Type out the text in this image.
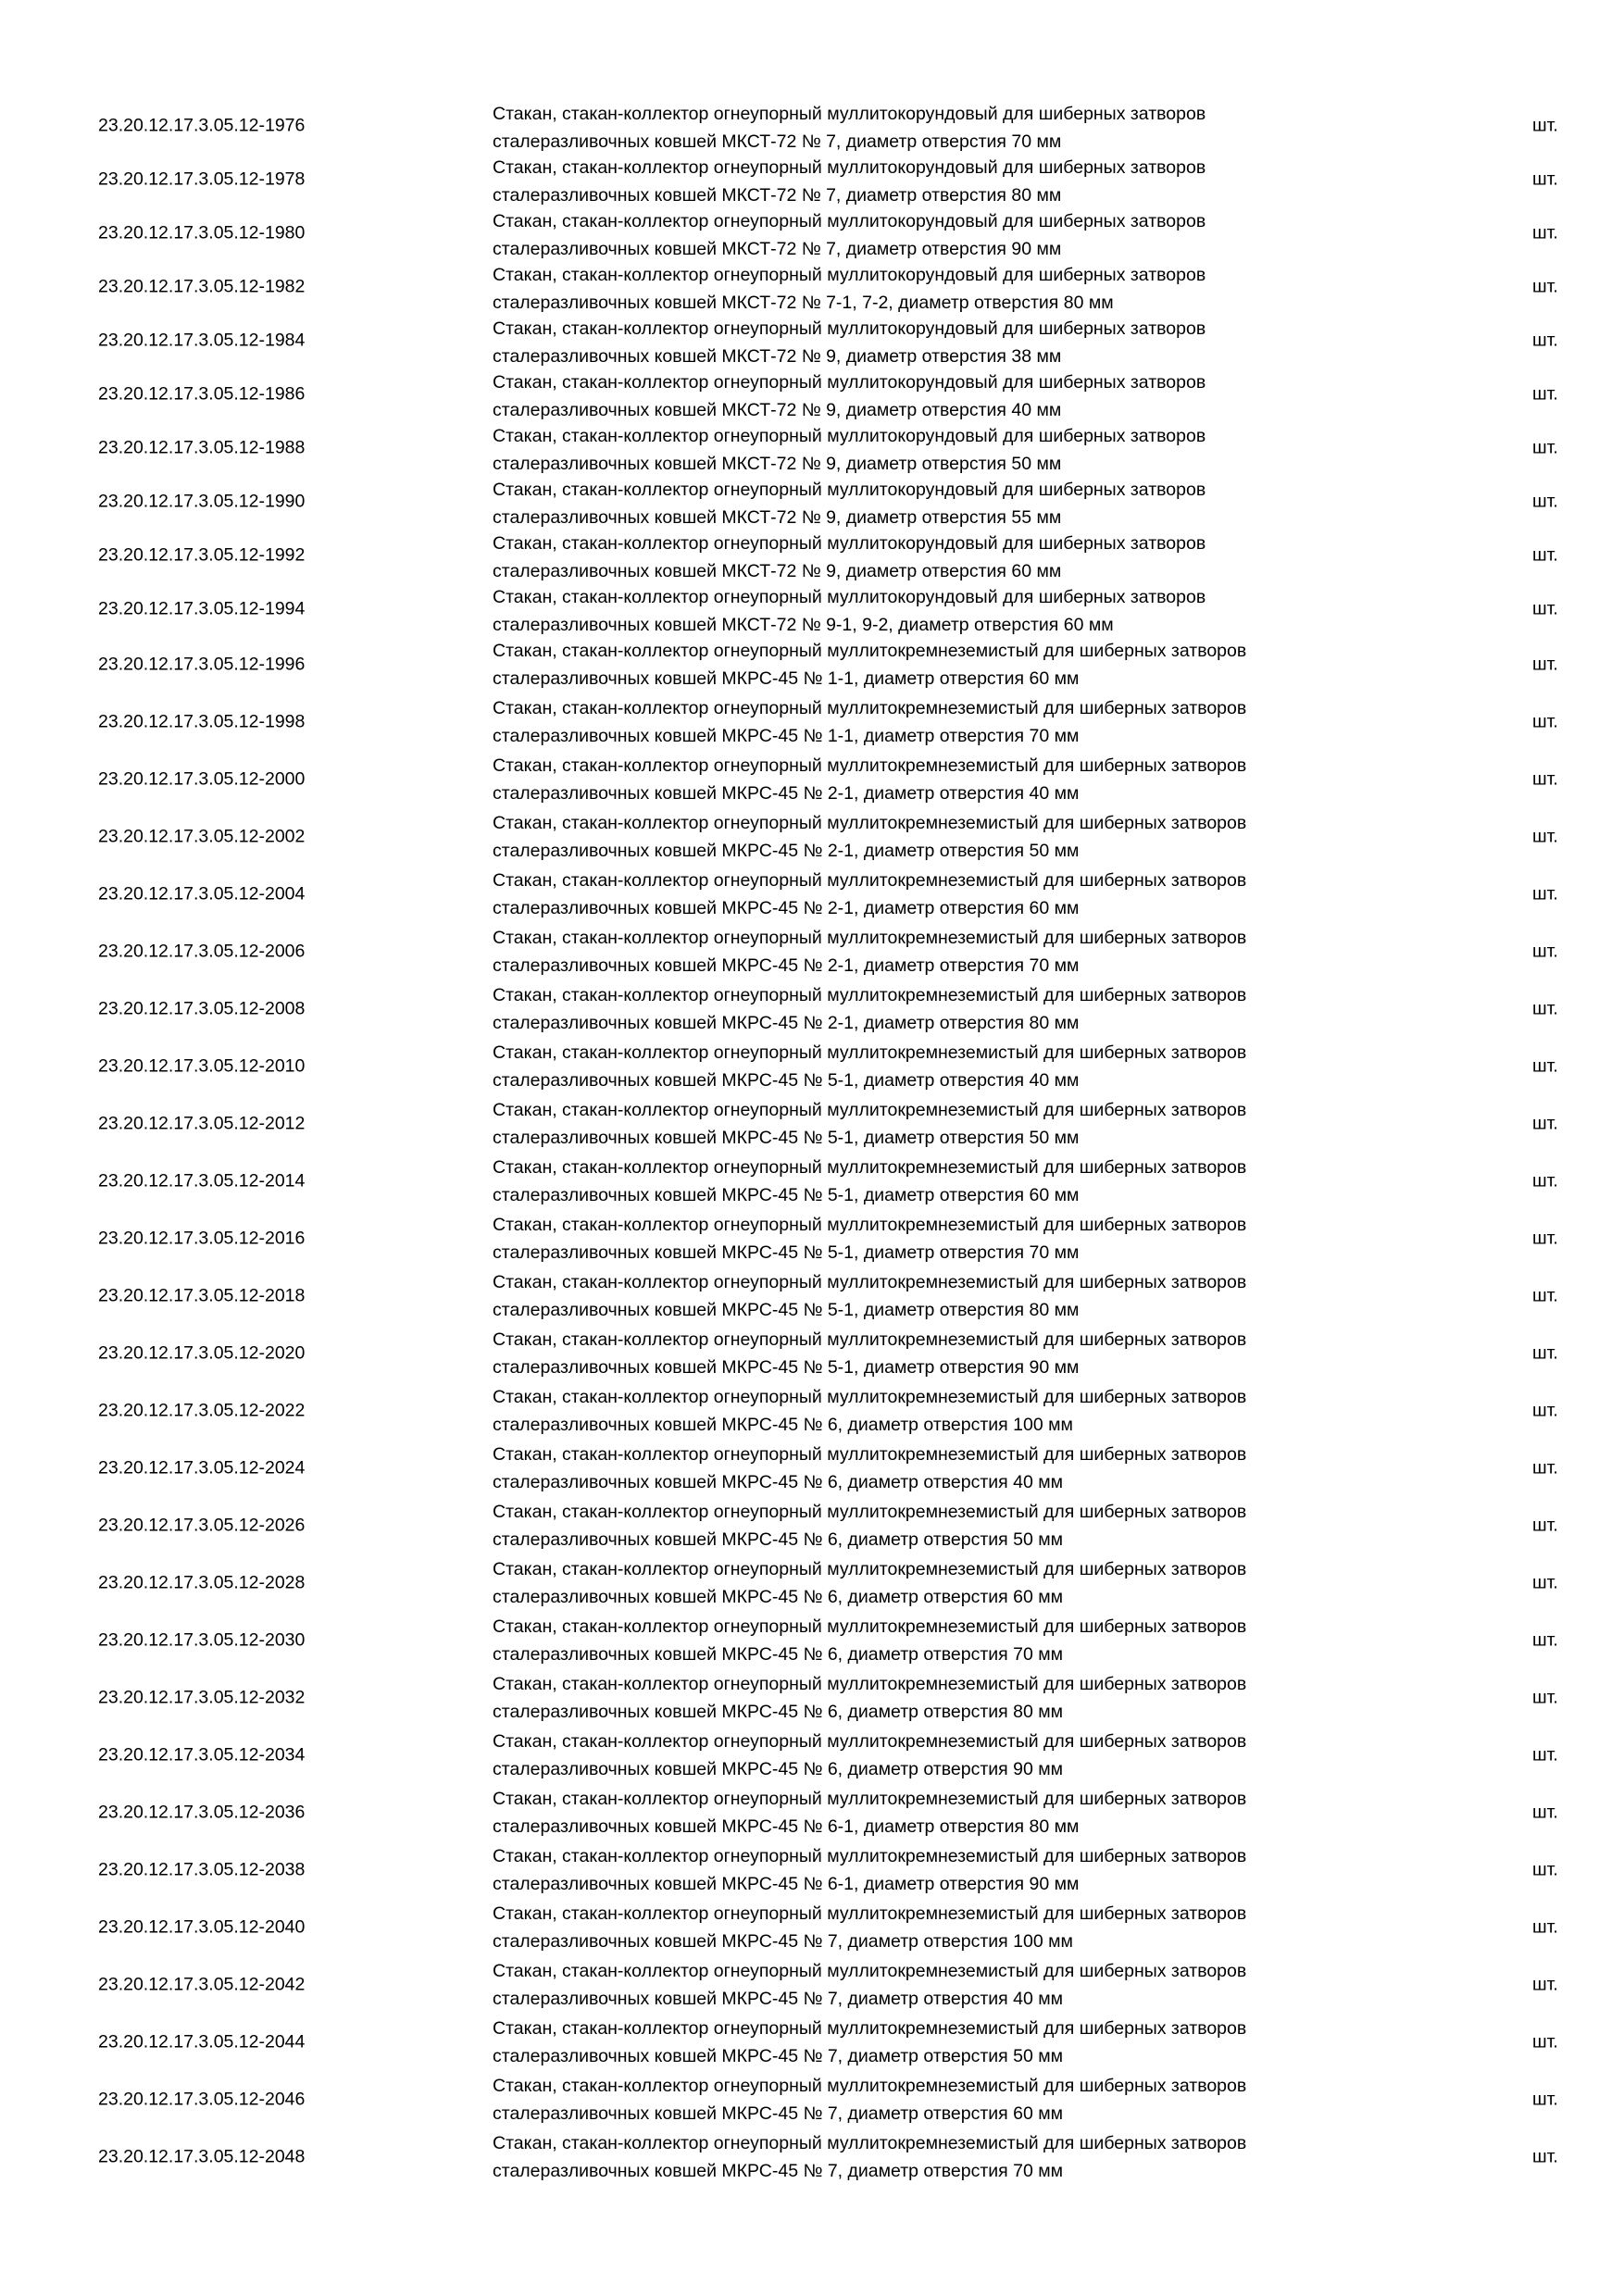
23.20.12.17.3.05.12-1976
Стакан, стакан-коллектор огнеупорный муллитокорундовый для шиберных затворов
сталеразливочных ковшей МКСТ-72 № 7, диаметр отверстия 70 мм
шт.
23.20.12.17.3.05.12-1978
Стакан, стакан-коллектор огнеупорный муллитокорундовый для шиберных затворов
сталеразливочных ковшей МКСТ-72 № 7, диаметр отверстия 80 мм
шт.
23.20.12.17.3.05.12-1980
Стакан, стакан-коллектор огнеупорный муллитокорундовый для шиберных затворов
сталеразливочных ковшей МКСТ-72 № 7, диаметр отверстия 90 мм
шт.
23.20.12.17.3.05.12-1982
Стакан, стакан-коллектор огнеупорный муллитокорундовый для шиберных затворов
сталеразливочных ковшей МКСТ-72 № 7-1, 7-2, диаметр отверстия 80 мм
шт.
23.20.12.17.3.05.12-1984
Стакан, стакан-коллектор огнеупорный муллитокорундовый для шиберных затворов
сталеразливочных ковшей МКСТ-72 № 9, диаметр отверстия 38 мм
шт.
23.20.12.17.3.05.12-1986
Стакан, стакан-коллектор огнеупорный муллитокорундовый для шиберных затворов
сталеразливочных ковшей МКСТ-72 № 9, диаметр отверстия 40 мм
шт.
23.20.12.17.3.05.12-1988
Стакан, стакан-коллектор огнеупорный муллитокорундовый для шиберных затворов
сталеразливочных ковшей МКСТ-72 № 9, диаметр отверстия 50 мм
шт.
23.20.12.17.3.05.12-1990
Стакан, стакан-коллектор огнеупорный муллитокорундовый для шиберных затворов
сталеразливочных ковшей МКСТ-72 № 9, диаметр отверстия 55 мм
шт.
23.20.12.17.3.05.12-1992
Стакан, стакан-коллектор огнеупорный муллитокорундовый для шиберных затворов
сталеразливочных ковшей МКСТ-72 № 9, диаметр отверстия 60 мм
шт.
23.20.12.17.3.05.12-1994
Стакан, стакан-коллектор огнеупорный муллитокорундовый для шиберных затворов
сталеразливочных ковшей МКСТ-72 № 9-1, 9-2, диаметр отверстия 60 мм
шт.
23.20.12.17.3.05.12-1996
Стакан, стакан-коллектор огнеупорный муллитокремнеземистый для шиберных затворов
сталеразливочных ковшей МКРС-45 № 1-1, диаметр отверстия 60 мм
шт.
23.20.12.17.3.05.12-1998
Стакан, стакан-коллектор огнеупорный муллитокремнеземистый для шиберных затворов
сталеразливочных ковшей МКРС-45 № 1-1, диаметр отверстия 70 мм
шт.
23.20.12.17.3.05.12-2000
Стакан, стакан-коллектор огнеупорный муллитокремнеземистый для шиберных затворов
сталеразливочных ковшей МКРС-45 № 2-1, диаметр отверстия 40 мм
шт.
23.20.12.17.3.05.12-2002
Стакан, стакан-коллектор огнеупорный муллитокремнеземистый для шиберных затворов
сталеразливочных ковшей МКРС-45 № 2-1, диаметр отверстия 50 мм
шт.
23.20.12.17.3.05.12-2004
Стакан, стакан-коллектор огнеупорный муллитокремнеземистый для шиберных затворов
сталеразливочных ковшей МКРС-45 № 2-1, диаметр отверстия 60 мм
шт.
23.20.12.17.3.05.12-2006
Стакан, стакан-коллектор огнеупорный муллитокремнеземистый для шиберных затворов
сталеразливочных ковшей МКРС-45 № 2-1, диаметр отверстия 70 мм
шт.
23.20.12.17.3.05.12-2008
Стакан, стакан-коллектор огнеупорный муллитокремнеземистый для шиберных затворов
сталеразливочных ковшей МКРС-45 № 2-1, диаметр отверстия 80 мм
шт.
23.20.12.17.3.05.12-2010
Стакан, стакан-коллектор огнеупорный муллитокремнеземистый для шиберных затворов
сталеразливочных ковшей МКРС-45 № 5-1, диаметр отверстия 40 мм
шт.
23.20.12.17.3.05.12-2012
Стакан, стакан-коллектор огнеупорный муллитокремнеземистый для шиберных затворов
сталеразливочных ковшей МКРС-45 № 5-1, диаметр отверстия 50 мм
шт.
23.20.12.17.3.05.12-2014
Стакан, стакан-коллектор огнеупорный муллитокремнеземистый для шиберных затворов
сталеразливочных ковшей МКРС-45 № 5-1, диаметр отверстия 60 мм
шт.
23.20.12.17.3.05.12-2016
Стакан, стакан-коллектор огнеупорный муллитокремнеземистый для шиберных затворов
сталеразливочных ковшей МКРС-45 № 5-1, диаметр отверстия 70 мм
шт.
23.20.12.17.3.05.12-2018
Стакан, стакан-коллектор огнеупорный муллитокремнеземистый для шиберных затворов
сталеразливочных ковшей МКРС-45 № 5-1, диаметр отверстия 80 мм
шт.
23.20.12.17.3.05.12-2020
Стакан, стакан-коллектор огнеупорный муллитокремнеземистый для шиберных затворов
сталеразливочных ковшей МКРС-45 № 5-1, диаметр отверстия 90 мм
шт.
23.20.12.17.3.05.12-2022
Стакан, стакан-коллектор огнеупорный муллитокремнеземистый для шиберных затворов
сталеразливочных ковшей МКРС-45 № 6, диаметр отверстия 100 мм
шт.
23.20.12.17.3.05.12-2024
Стакан, стакан-коллектор огнеупорный муллитокремнеземистый для шиберных затворов
сталеразливочных ковшей МКРС-45 № 6, диаметр отверстия 40 мм
шт.
23.20.12.17.3.05.12-2026
Стакан, стакан-коллектор огнеупорный муллитокремнеземистый для шиберных затворов
сталеразливочных ковшей МКРС-45 № 6, диаметр отверстия 50 мм
шт.
23.20.12.17.3.05.12-2028
Стакан, стакан-коллектор огнеупорный муллитокремнеземистый для шиберных затворов
сталеразливочных ковшей МКРС-45 № 6, диаметр отверстия 60 мм
шт.
23.20.12.17.3.05.12-2030
Стакан, стакан-коллектор огнеупорный муллитокремнеземистый для шиберных затворов
сталеразливочных ковшей МКРС-45 № 6, диаметр отверстия 70 мм
шт.
23.20.12.17.3.05.12-2032
Стакан, стакан-коллектор огнеупорный муллитокремнеземистый для шиберных затворов
сталеразливочных ковшей МКРС-45 № 6, диаметр отверстия 80 мм
шт.
23.20.12.17.3.05.12-2034
Стакан, стакан-коллектор огнеупорный муллитокремнеземистый для шиберных затворов
сталеразливочных ковшей МКРС-45 № 6, диаметр отверстия 90 мм
шт.
23.20.12.17.3.05.12-2036
Стакан, стакан-коллектор огнеупорный муллитокремнеземистый для шиберных затворов
сталеразливочных ковшей МКРС-45 № 6-1, диаметр отверстия 80 мм
шт.
23.20.12.17.3.05.12-2038
Стакан, стакан-коллектор огнеупорный муллитокремнеземистый для шиберных затворов
сталеразливочных ковшей МКРС-45 № 6-1, диаметр отверстия 90 мм
шт.
23.20.12.17.3.05.12-2040
Стакан, стакан-коллектор огнеупорный муллитокремнеземистый для шиберных затворов
сталеразливочных ковшей МКРС-45 № 7, диаметр отверстия 100 мм
шт.
23.20.12.17.3.05.12-2042
Стакан, стакан-коллектор огнеупорный муллитокремнеземистый для шиберных затворов
сталеразливочных ковшей МКРС-45 № 7, диаметр отверстия 40 мм
шт.
23.20.12.17.3.05.12-2044
Стакан, стакан-коллектор огнеупорный муллитокремнеземистый для шиберных затворов
сталеразливочных ковшей МКРС-45 № 7, диаметр отверстия 50 мм
шт.
23.20.12.17.3.05.12-2046
Стакан, стакан-коллектор огнеупорный муллитокремнеземистый для шиберных затворов
сталеразливочных ковшей МКРС-45 № 7, диаметр отверстия 60 мм
шт.
23.20.12.17.3.05.12-2048
Стакан, стакан-коллектор огнеупорный муллитокремнеземистый для шиберных затворов
сталеразливочных ковшей МКРС-45 № 7, диаметр отверстия 70 мм
шт.
